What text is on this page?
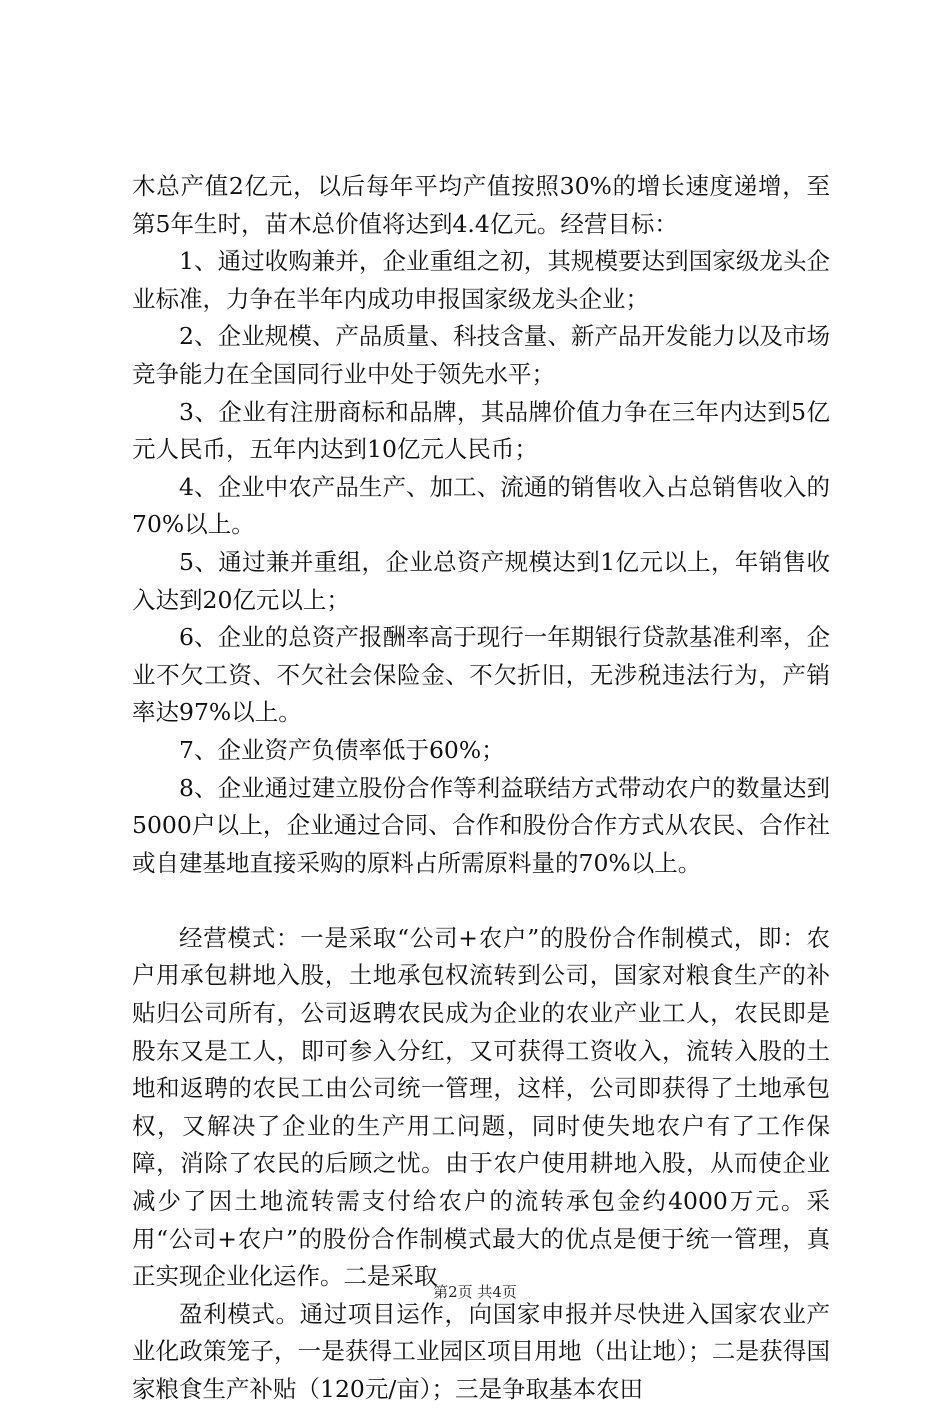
木总产值2亿元，以后每年平均产值按照30%的增长速度递增，至第5年生时，苗木总价值将达到4.4亿元。经营目标：

1、通过收购兼并，企业重组之初，其规模要达到国家级龙头企业标准，力争在半年内成功申报国家级龙头企业；

2、企业规模、产品质量、科技含量、新产品开发能力以及市场竞争能力在全国同行业中处于领先水平；

3、企业有注册商标和品牌，其品牌价值力争在三年内达到5亿元人民币，五年内达到10亿元人民币；

4、企业中农产品生产、加工、流通的销售收入占总销售收入的70%以上。

5、通过兼并重组，企业总资产规模达到1亿元以上，年销售收入达到20亿元以上；

6、企业的总资产报酬率高于现行一年期银行贷款基准利率，企业不欠工资、不欠社会保险金、不欠折旧，无涉税违法行为，产销率达97%以上。

7、企业资产负债率低于60%；

8、企业通过建立股份合作等利益联结方式带动农户的数量达到5000户以上，企业通过合同、合作和股份合作方式从农民、合作社或自建基地直接采购的原料占所需原料量的70%以上。

经营模式：一是采取“公司+农户”的股份合作制模式，即：农户用承包耕地入股，土地承包权流转到公司，国家对粮食生产的补贴归公司所有，公司返聘农民成为企业的农业产业工人，农民即是股东又是工人，即可参入分红，又可获得工资收入，流转入股的土地和返聘的农民工由公司统一管理，这样，公司即获得了土地承包权，又解决了企业的生产用工问题，同时使失地农户有了工作保障，消除了农民的后顾之忧。由于农户使用耕地入股，从而使企业减少了因土地流转需支付给农户的流转承包金约4000万元。采用“公司+农户”的股份合作制模式最大的优点是便于统一管理，真正实现企业化运作。二是采取

盈利模式。通过项目运作，向国家申报并尽快进入国家农业产业化政策笼子，一是获得工业园区项目用地（出让地）；二是获得国家粮食生产补贴（120元/亩）；三是争取基本农田

第2页 共4页
